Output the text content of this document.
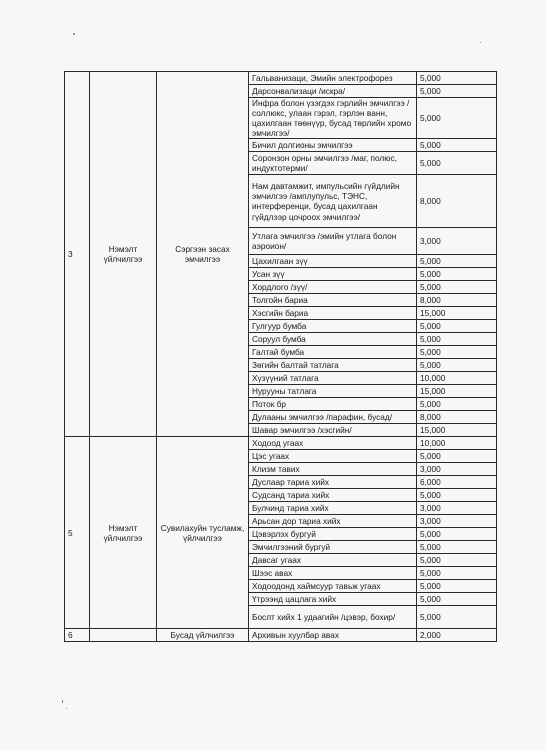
3	Нэмэлт үйлчилгээ	Сэргээн засах эмчилгээ	Гальванизаци, Эмийн электрофорез	5,000
			Дарсонвализаци /искра/	5,000
			Инфра болон үзэгдэх гэрлийн эмчилгээ /соллюкс, улаан гэрэл, гэрлэн ванн, цахилгаан төөнүүр, бусад төрлийн хромо эмчилгээ/	5,000
			Бичил долгионы эмчилгээ	5,000
			Соронзон орны эмчилгээ /маг, полюс, индуктотерми/	5,000
			Нам давтамжит, импульсийн гүйдлийн эмчилгээ /амплупульс, ТЭНС, интерференци, бусад цахилгаан гүйдлээр цочроох эмчилгээ/	8,000
			Утлага эмчилгээ /эмийн утлага болон аэроион/	3,000
			Цахилгаан зүү	5,000
			Усан зүү	5,000
			Хордлого /зүү/	5,000
			Толгойн бариа	8,000
			Хэсгийн бариа	15,000
			Гулгуур бумба	5,000
			Соруул бумба	5,000
			Галтай бумба	5,000
			Зөгийн балтай татлага	5,000
			Хүзүүний татлага	10,000
			Нурууны татлага	15,000
			Поток бр	5,000
			Дулааны эмчилгээ /парафин, бусад/	8,000
			Шавар эмчилгээ /хэсгийн/	15,000
5	Нэмэлт үйлчилгээ	Сувилахуйн тусламж, үйлчилгээ	Ходоод угаах	10,000
			Цэс угаах	5,000
			Клизм тавих	3,000
			Дуслаар тариа хийх	6,000
			Судсанд тариа хийх	5,000
			Булчинд тариа хийх	3,000
			Арьсан дор тариа хийх	3,000
			Цэвэрлэх бургуй	5,000
			Эмчилгээний бургуй	5,000
			Давсаг угаах	5,000
			Шээс авах	5,000
			Ходоодонд хаймсуур тавьж угаах	5,000
			Үтрээнд цацлага хийх	5,000
			Бослт хийх 1 удаагийн /цэвэр, бохир/	5,000
6		Бусад үйлчилгээ	Архивын хуулбар авах	2,000
